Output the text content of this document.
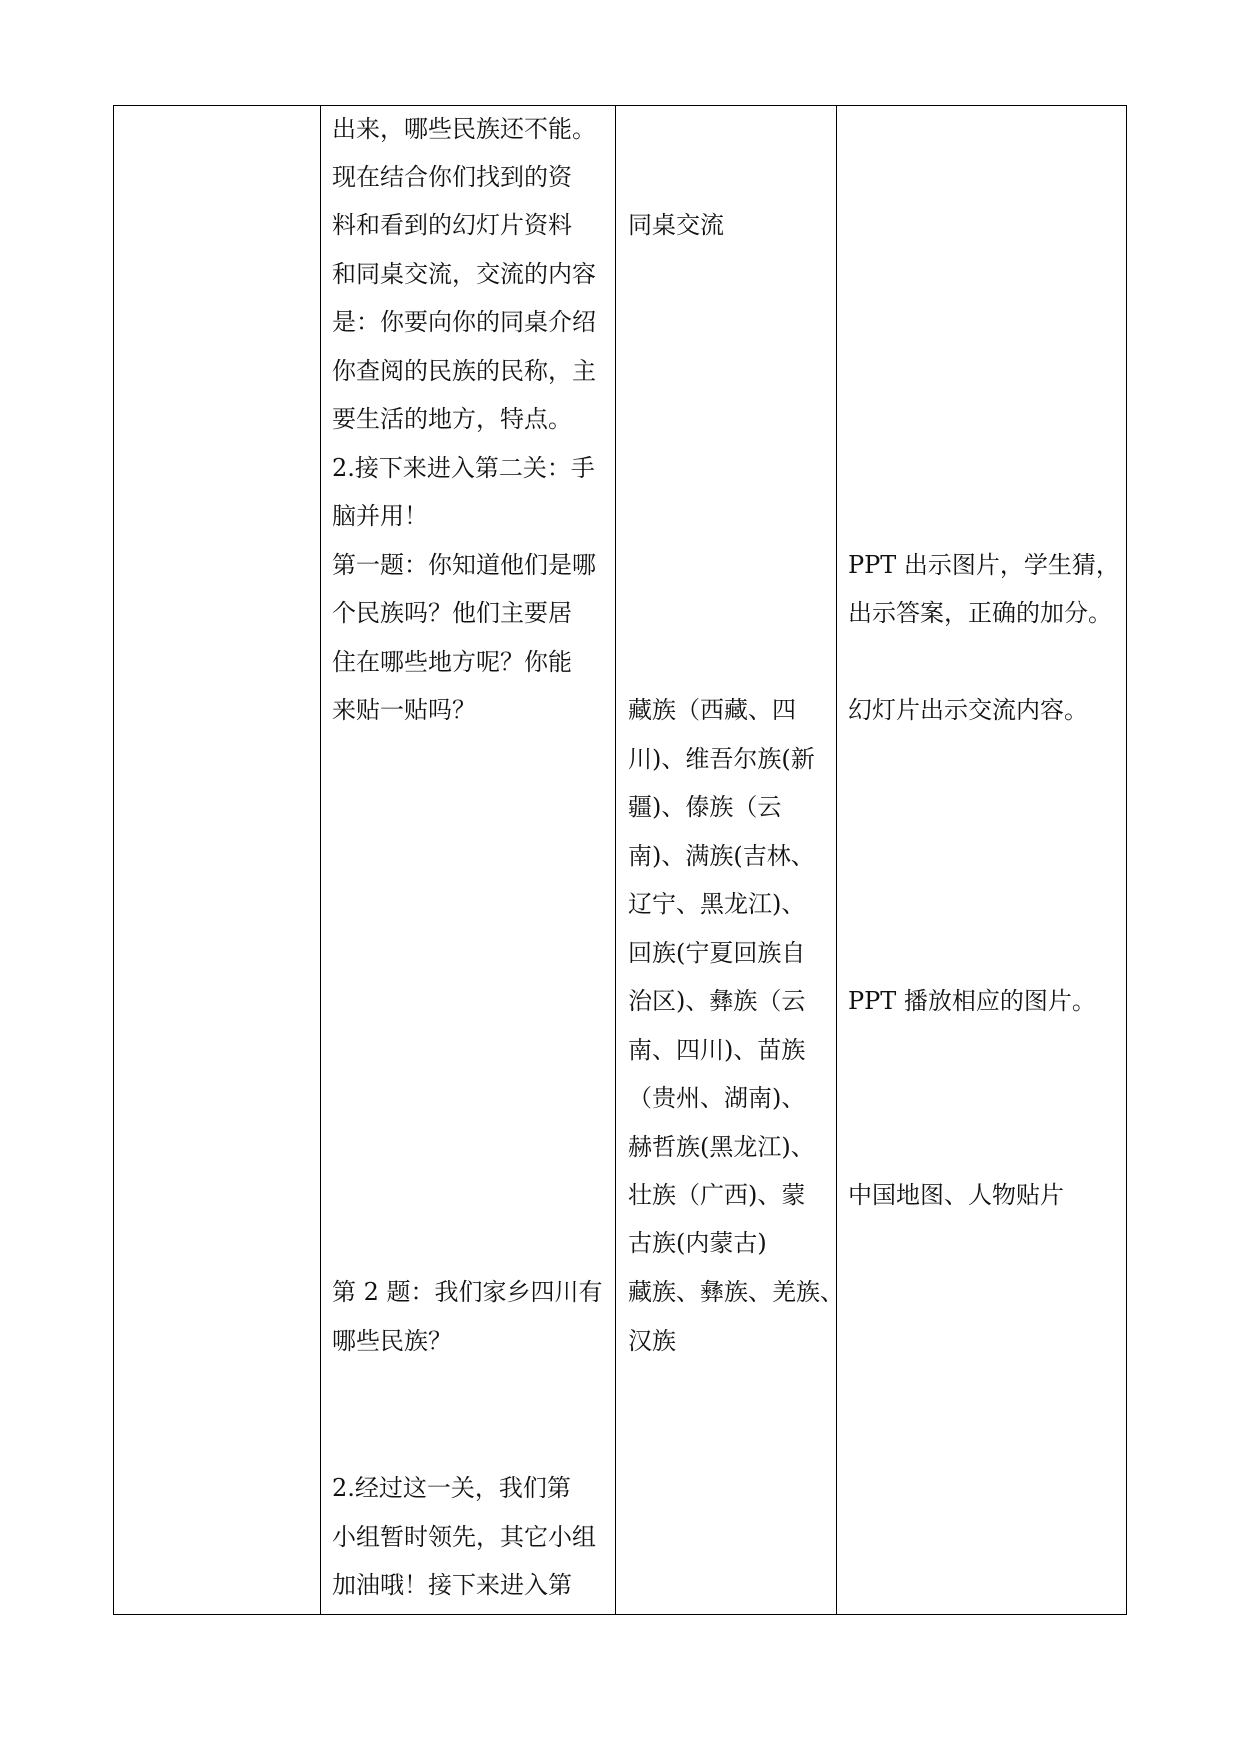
出来，哪些民族还不能。

现在结合你们找到的资

料和看到的幻灯片资料

和同桌交流，交流的内容

是：你要向你的同桌介绍

你查阅的民族的民称，主

要生活的地方，特点。

2.接下来进入第二关：手

脑并用！

第一题：你知道他们是哪

个民族吗？他们主要居

住在哪些地方呢？你能

来贴一贴吗？

第 2 题：我们家乡四川有

哪些民族？

2.经过这一关，我们第

小组暂时领先，其它小组

加油哦！接下来进入第

同桌交流

藏族（西藏、四

川)、维吾尔族(新

疆)、傣族（云

南)、满族(吉林、

辽宁、黑龙江)、

回族(宁夏回族自

治区)、彝族（云

南、四川)、苗族

（贵州、湖南)、

赫哲族(黑龙江)、

壮族（广西)、蒙

古族(内蒙古)

藏族、彝族、羌族、

汉族

PPT 出示图片，学生猜，

出示答案，正确的加分。

幻灯片出示交流内容。

PPT 播放相应的图片。

中国地图、人物贴片
